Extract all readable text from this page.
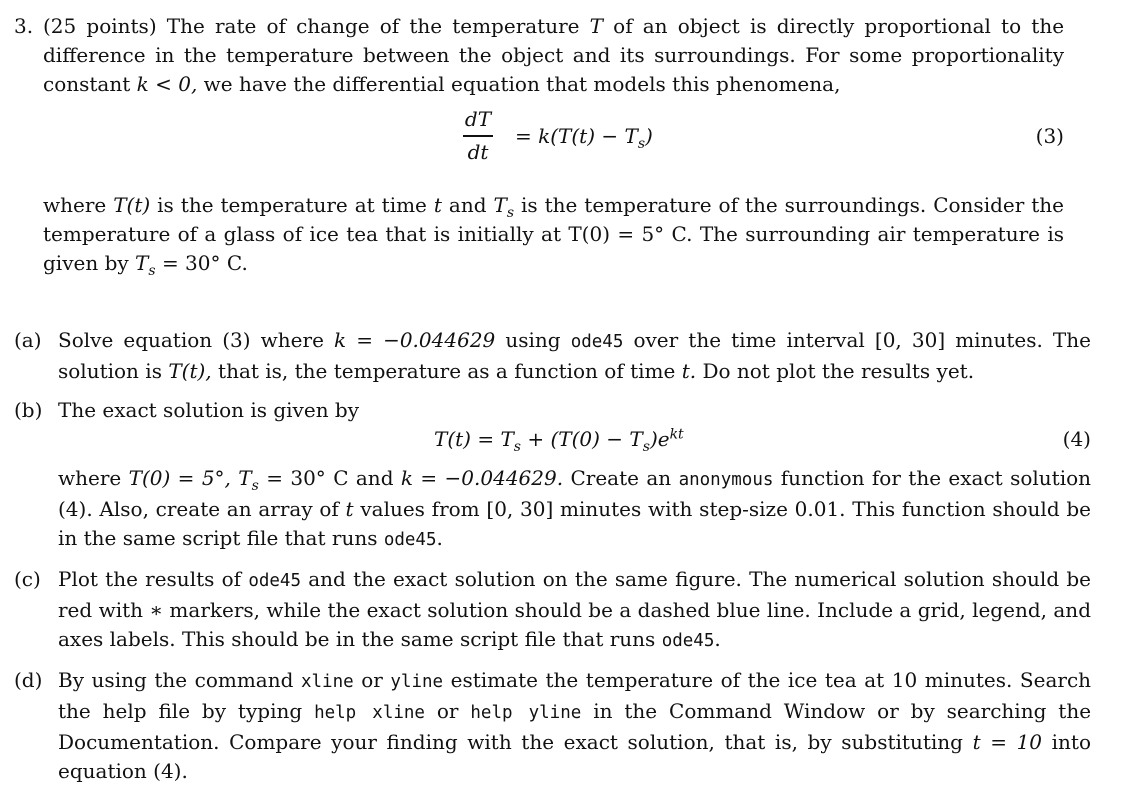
3. (25 points) The rate of change of the temperature T of an object is directly proportional to the difference in the temperature between the object and its surroundings. For some proportionality constant k < 0, we have the differential equation that models this phenomena,
dT
dt
= $k(T(t) - T_s)$	(3)
where T(t) is the temperature at time t and $T_s$ is the temperature of the surroundings. Consider the temperature of a glass of ice tea that is initially at T(0) = 5° C. The surrounding air temperature is given by $T_s = 30^\circ$ C.
(a) Solve equation (3) where k = −0.044629 using ode45 over the time interval [0, 30] minutes. The solution is T(t), that is, the temperature as a function of time t. Do not plot the results yet.
(b) The exact solution is given by
$T(t) = T_s + (T(0) - T_s)e^{kt}$	(4)
where T(0) = 5°, $T_s = 30^\circ$ C and k = −0.044629. Create an anonymous function for the exact solution (4). Also, create an array of t values from [0, 30] minutes with step-size 0.01. This function should be in the same script file that runs ode45.
(c) Plot the results of ode45 and the exact solution on the same figure. The numerical solution should be red with ∗ markers, while the exact solution should be a dashed blue line. Include a grid, legend, and axes labels. This should be in the same script file that runs ode45.
(d) By using the command xline or yline estimate the temperature of the ice tea at 10 minutes. Search the help file by typing help xline or help yline in the Command Window or by searching the Documentation. Compare your finding with the exact solution, that is, by substituting t = 10 into equation (4).
